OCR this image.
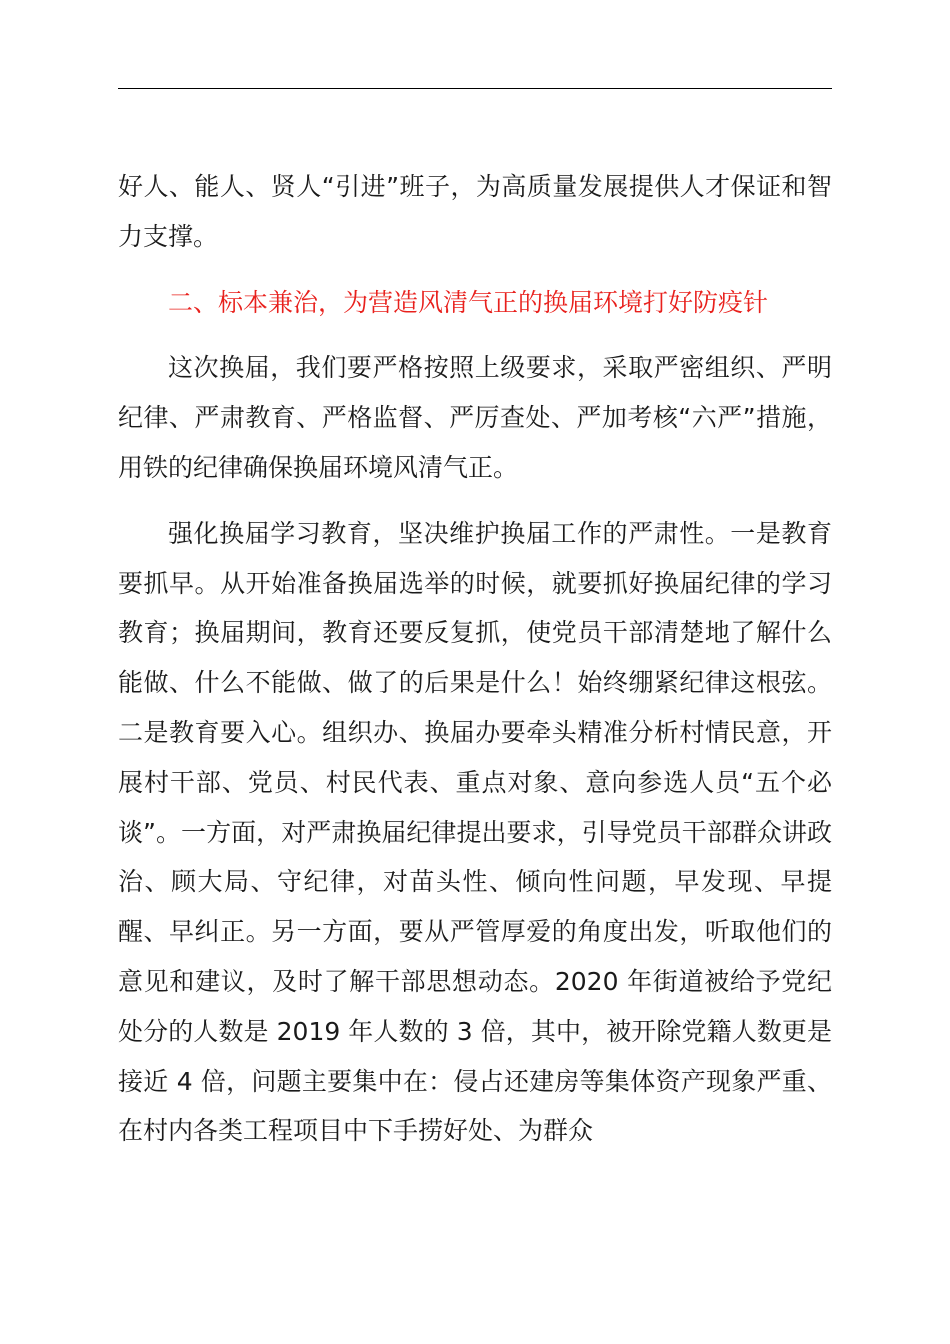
好人、能人、贤人“引进”班子，为高质量发展提供人才保证和智力支撑。

二、标本兼治，为营造风清气正的换届环境打好防疫针

这次换届，我们要严格按照上级要求，采取严密组织、严明纪律、严肃教育、严格监督、严厉查处、严加考核“六严”措施，用铁的纪律确保换届环境风清气正。

强化换届学习教育，坚决维护换届工作的严肃性。一是教育要抓早。从开始准备换届选举的时候，就要抓好换届纪律的学习教育；换届期间，教育还要反复抓，使党员干部清楚地了解什么能做、什么不能做、做了的后果是什么！始终绷紧纪律这根弦。二是教育要入心。组织办、换届办要牵头精准分析村情民意，开展村干部、党员、村民代表、重点对象、意向参选人员“五个必谈”。一方面，对严肃换届纪律提出要求，引导党员干部群众讲政治、顾大局、守纪律，对苗头性、倾向性问题，早发现、早提醒、早纠正。另一方面，要从严管厚爱的角度出发，听取他们的意见和建议，及时了解干部思想动态。2020 年街道被给予党纪处分的人数是 2019 年人数的 3 倍，其中，被开除党籍人数更是接近 4 倍，问题主要集中在：侵占还建房等集体资产现象严重、在村内各类工程项目中下手捞好处、为群众
